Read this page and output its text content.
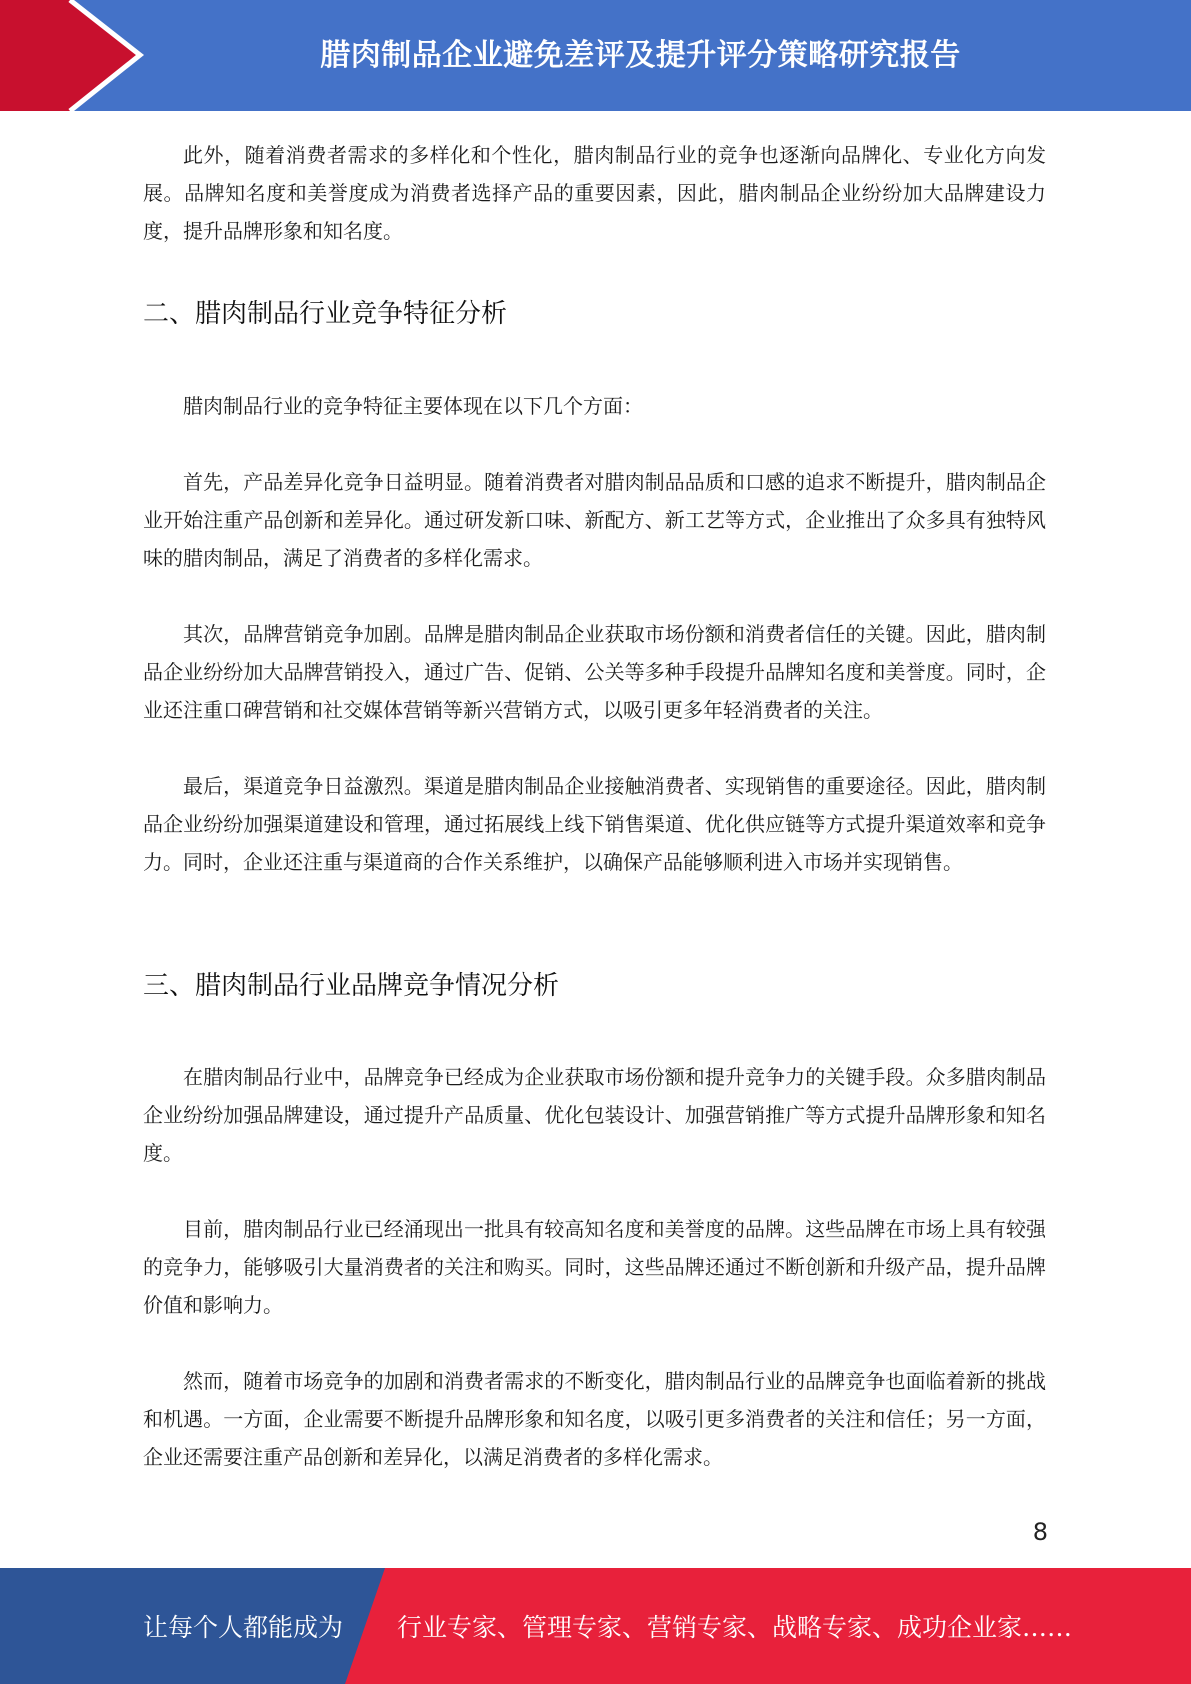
腊肉制品企业避免差评及提升评分策略研究报告

此外，随着消费者需求的多样化和个性化，腊肉制品行业的竞争也逐渐向品牌化、专业化方向发展。品牌知名度和美誉度成为消费者选择产品的重要因素，因此，腊肉制品企业纷纷加大品牌建设力度，提升品牌形象和知名度。

二、腊肉制品行业竞争特征分析

腊肉制品行业的竞争特征主要体现在以下几个方面：

首先，产品差异化竞争日益明显。随着消费者对腊肉制品品质和口感的追求不断提升，腊肉制品企业开始注重产品创新和差异化。通过研发新口味、新配方、新工艺等方式，企业推出了众多具有独特风味的腊肉制品，满足了消费者的多样化需求。

其次，品牌营销竞争加剧。品牌是腊肉制品企业获取市场份额和消费者信任的关键。因此，腊肉制品企业纷纷加大品牌营销投入，通过广告、促销、公关等多种手段提升品牌知名度和美誉度。同时，企业还注重口碑营销和社交媒体营销等新兴营销方式，以吸引更多年轻消费者的关注。

最后，渠道竞争日益激烈。渠道是腊肉制品企业接触消费者、实现销售的重要途径。因此，腊肉制品企业纷纷加强渠道建设和管理，通过拓展线上线下销售渠道、优化供应链等方式提升渠道效率和竞争力。同时，企业还注重与渠道商的合作关系维护，以确保产品能够顺利进入市场并实现销售。

三、腊肉制品行业品牌竞争情况分析

在腊肉制品行业中，品牌竞争已经成为企业获取市场份额和提升竞争力的关键手段。众多腊肉制品企业纷纷加强品牌建设，通过提升产品质量、优化包装设计、加强营销推广等方式提升品牌形象和知名度。

目前，腊肉制品行业已经涌现出一批具有较高知名度和美誉度的品牌。这些品牌在市场上具有较强的竞争力，能够吸引大量消费者的关注和购买。同时，这些品牌还通过不断创新和升级产品，提升品牌价值和影响力。

然而，随着市场竞争的加剧和消费者需求的不断变化，腊肉制品行业的品牌竞争也面临着新的挑战和机遇。一方面，企业需要不断提升品牌形象和知名度，以吸引更多消费者的关注和信任；另一方面，企业还需要注重产品创新和差异化，以满足消费者的多样化需求。

8
让每个人都能成为 行业专家、管理专家、营销专家、战略专家、成功企业家……
